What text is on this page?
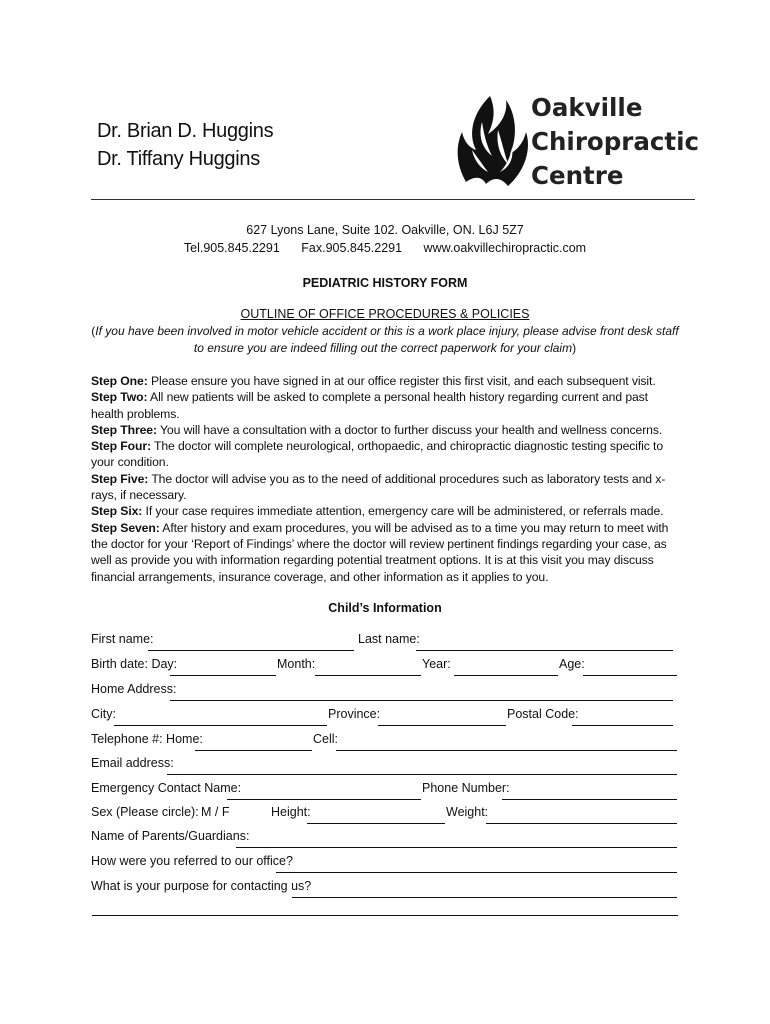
Dr. Brian D. Huggins
Dr. Tiffany Huggins
Oakville
Chiropractic
Centre
627 Lyons Lane, Suite 102. Oakville, ON. L6J 5Z7
Tel.905.845.2291 Fax.905.845.2291 www.oakvillechiropractic.com
PEDIATRIC HISTORY FORM
OUTLINE OF OFFICE PROCEDURES & POLICIES
(If you have been involved in motor vehicle accident or this is a work place injury, please advise front desk staff to ensure you are indeed filling out the correct paperwork for your claim)

Step One: Please ensure you have signed in at our office register this first visit, and each subsequent visit.

Step Two: All new patients will be asked to complete a personal health history regarding current and past health problems.

Step Three: You will have a consultation with a doctor to further discuss your health and wellness concerns.

Step Four: The doctor will complete neurological, orthopaedic, and chiropractic diagnostic testing specific to your condition.

Step Five: The doctor will advise you as to the need of additional procedures such as laboratory tests and x-rays, if necessary.

Step Six: If your case requires immediate attention, emergency care will be administered, or referrals made.

Step Seven: After history and exam procedures, you will be advised as to a time you may return to meet with the doctor for your ‘Report of Findings’ where the doctor will review pertinent findings regarding your case, as well as provide you with information regarding potential treatment options. It is at this visit you may discuss financial arrangements, insurance coverage, and other information as it applies to you.

Child’s Information
First name:	Last name:
Birth date: Day:	Month:	Year:	Age:
Home Address:
City:	Province:	Postal Code:
Telephone #: Home:	Cell:
Email address:
Emergency Contact Name:	Phone Number:
Sex (Please circle): M / F	Height:	Weight:
Name of Parents/Guardians:
How were you referred to our office?
What is your purpose for contacting us?
